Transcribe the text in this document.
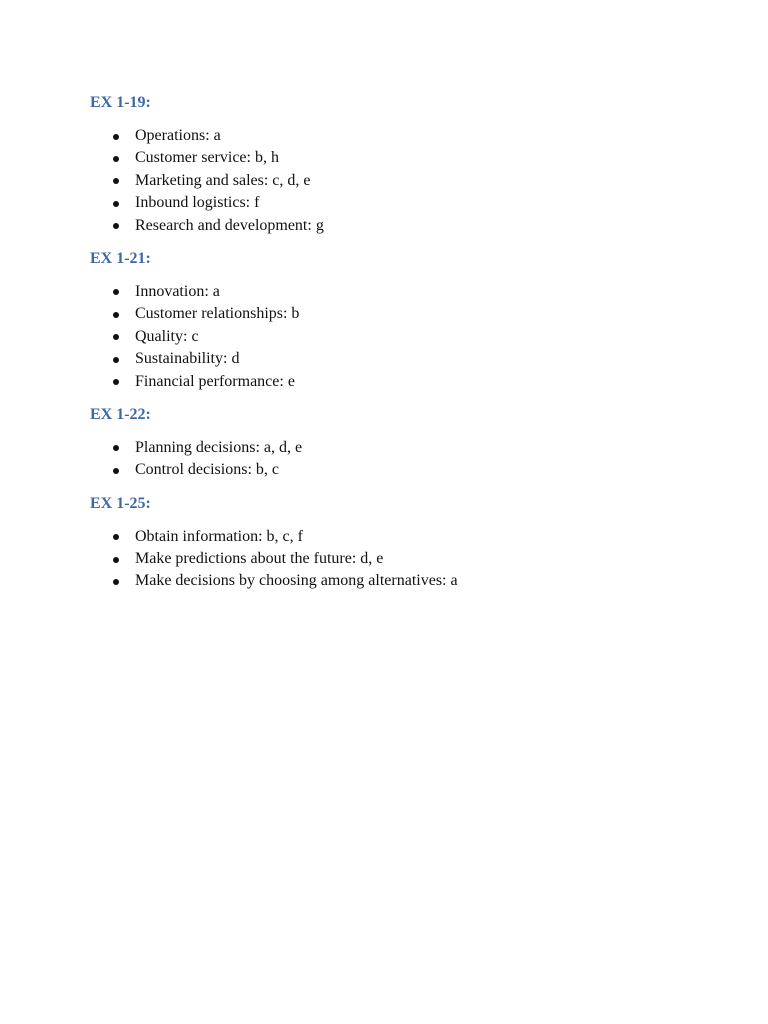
EX 1-19:
Operations: a
Customer service: b, h
Marketing and sales: c, d, e
Inbound logistics: f
Research and development: g
EX 1-21:
Innovation: a
Customer relationships: b
Quality: c
Sustainability: d
Financial performance: e
EX 1-22:
Planning decisions: a, d, e
Control decisions: b, c
EX 1-25:
Obtain information: b, c, f
Make predictions about the future: d, e
Make decisions by choosing among alternatives: a
